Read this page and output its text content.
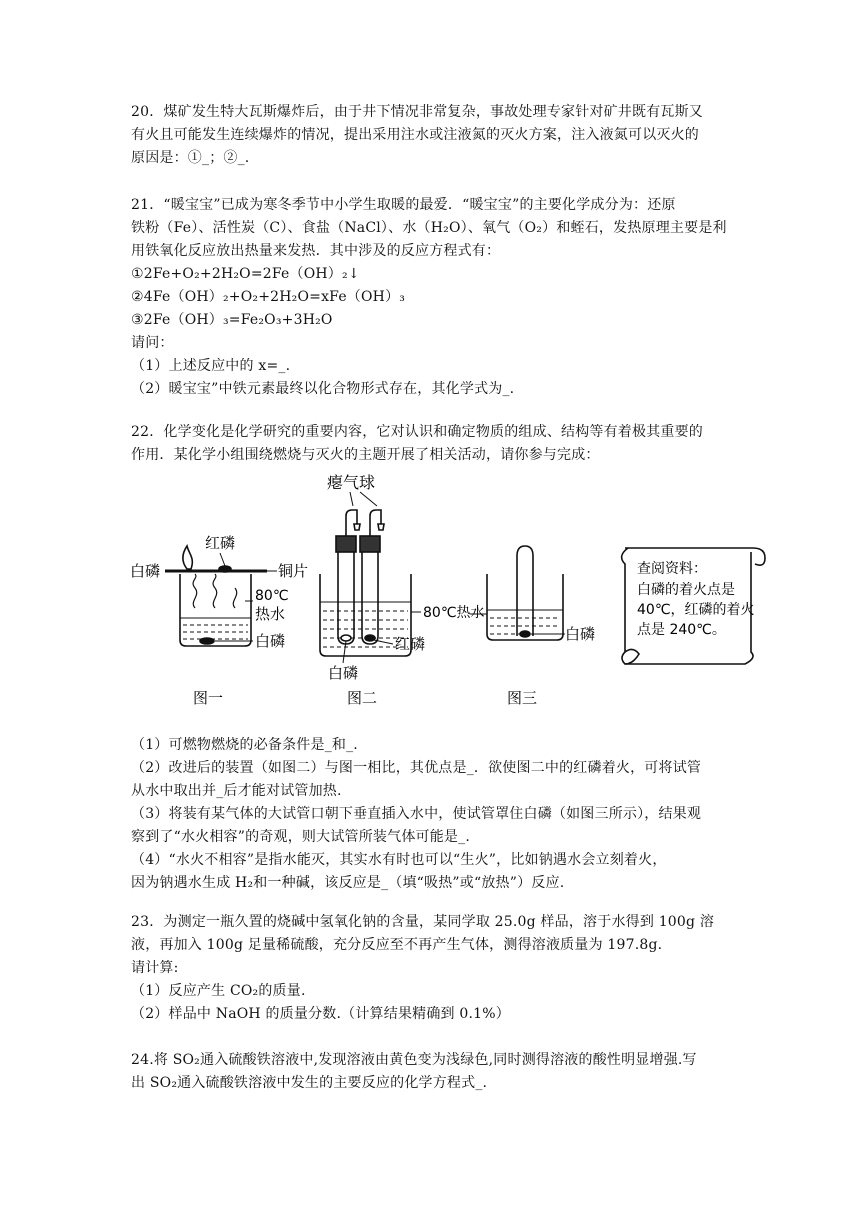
20．煤矿发生特大瓦斯爆炸后，由于井下情况非常复杂，事故处理专家针对矿井既有瓦斯又
有火且可能发生连续爆炸的情况，提出采用注水或注液氮的灭火方案，注入液氮可以灭火的
原因是：①_；②_.
21．“暖宝宝”已成为寒冬季节中小学生取暖的最爱．“暖宝宝”的主要化学成分为：还原
铁粉（Fe）、活性炭（C）、食盐（NaCl）、水（H₂O）、氧气（O₂）和蛭石，发热原理主要是利
用铁氧化反应放出热量来发热．其中涉及的反应方程式有：
①2Fe+O₂+2H₂O=2Fe（OH）₂↓
②4Fe（OH）₂+O₂+2H₂O=xFe（OH）₃
③2Fe（OH）₃=Fe₂O₃+3H₂O
请问：
（1）上述反应中的 x=_.
（2）暖宝宝”中铁元素最终以化合物形式存在，其化学式为_.
22．化学变化是化学研究的重要内容，它对认识和确定物质的组成、结构等有着极其重要的
作用．某化学小组围绕燃烧与灭火的主题开展了相关活动，请你参与完成：
白磷
红磷
铜片
80℃
热水
白磷
图一
瘪气球
80℃热水
红磷
白磷
图二
白磷
图三
查阅资料：
白磷的着火点是
40℃，红磷的着火
点是 240℃。
（1）可燃物燃烧的必备条件是_和_.
（2）改进后的装置（如图二）与图一相比，其优点是_．欲使图二中的红磷着火，可将试管
从水中取出并_后才能对试管加热.
（3）将装有某气体的大试管口朝下垂直插入水中，使试管罩住白磷（如图三所示），结果观
察到了“水火相容”的奇观，则大试管所装气体可能是_.
（4）“水火不相容”是指水能灭，其实水有时也可以“生火”，比如钠遇水会立刻着火，
因为钠遇水生成 H₂和一种碱，该反应是_（填“吸热”或“放热”）反应.
23．为测定一瓶久置的烧碱中氢氧化钠的含量，某同学取 25.0g 样品，溶于水得到 100g 溶
液，再加入 100g 足量稀硫酸，充分反应至不再产生气体，测得溶液质量为 197.8g.
请计算:
（1）反应产生 CO₂的质量.
（2）样品中 NaOH 的质量分数.（计算结果精确到 0.1%）
24.将 SO₂通入硫酸铁溶液中,发现溶液由黄色变为浅绿色,同时测得溶液的酸性明显增强.写
出 SO₂通入硫酸铁溶液中发生的主要反应的化学方程式_.
